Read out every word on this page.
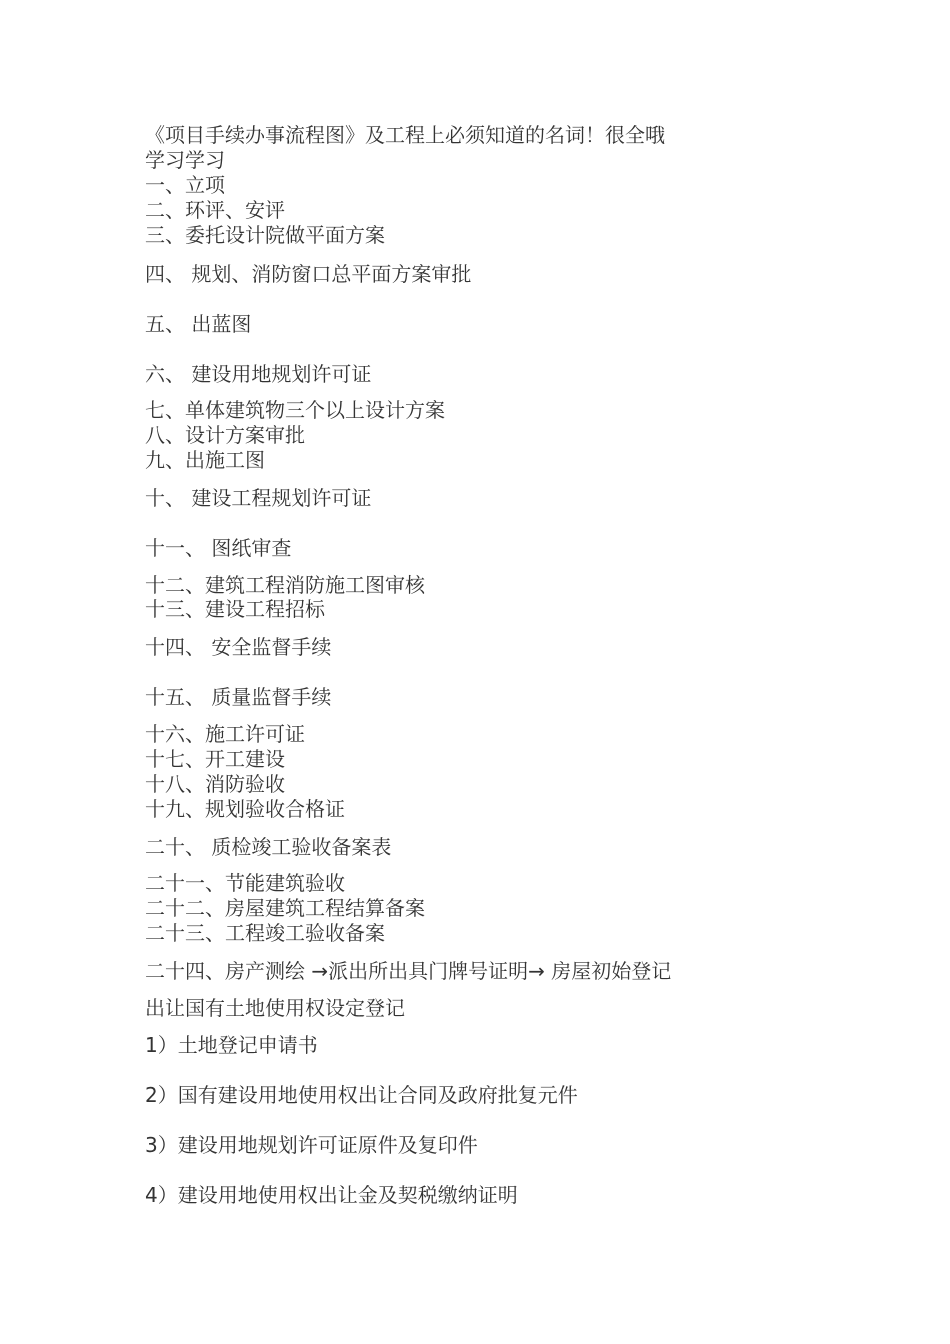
《项目手续办事流程图》及工程上必须知道的名词！很全哦

学习学习

一、立项

二、环评、安评

三、委托设计院做平面方案

四、 规划、消防窗口总平面方案审批

五、 出蓝图

六、 建设用地规划许可证

七、单体建筑物三个以上设计方案

八、设计方案审批

九、出施工图

十、 建设工程规划许可证

十一、 图纸审查

十二、建筑工程消防施工图审核

十三、建设工程招标

十四、 安全监督手续

十五、 质量监督手续

十六、施工许可证

十七、开工建设

十八、消防验收

十九、规划验收合格证

二十、 质检竣工验收备案表

二十一、节能建筑验收

二十二、房屋建筑工程结算备案

二十三、工程竣工验收备案

二十四、房产测绘 →派出所出具门牌号证明→ 房屋初始登记

出让国有土地使用权设定登记

1）土地登记申请书

2）国有建设用地使用权出让合同及政府批复元件

3）建设用地规划许可证原件及复印件

4）建设用地使用权出让金及契税缴纳证明
